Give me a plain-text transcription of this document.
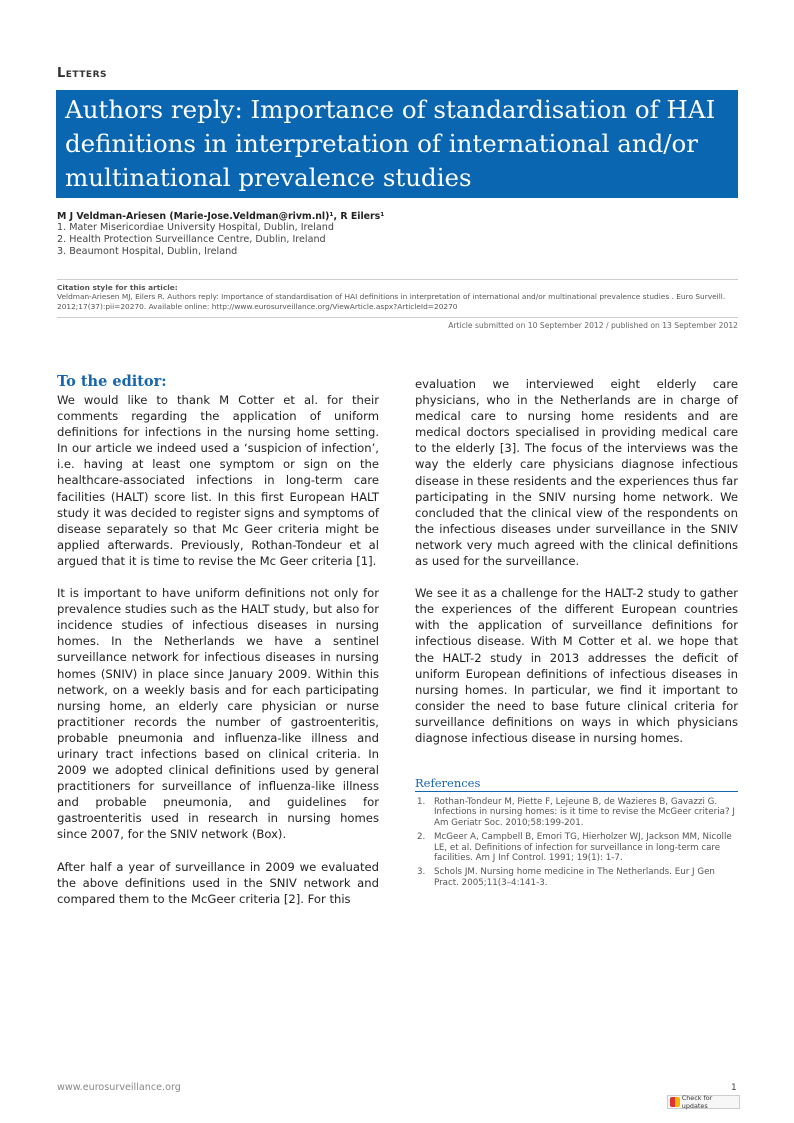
Letters
Authors reply: Importance of standardisation of HAI definitions in interpretation of international and/or multinational prevalence studies
M J Veldman-Ariesen (Marie-Jose.Veldman@rivm.nl)¹, R Eilers¹
1. Mater Misericordiae University Hospital, Dublin, Ireland
2. Health Protection Surveillance Centre, Dublin, Ireland
3. Beaumont Hospital, Dublin, Ireland
Citation style for this article:
Veldman-Ariesen MJ, Eilers R. Authors reply: Importance of standardisation of HAI definitions in interpretation of international and/or multinational prevalence studies . Euro Surveill. 2012;17(37):pii=20270. Available online: http://www.eurosurveillance.org/ViewArticle.aspx?ArticleId=20270
Article submitted on 10 September 2012 / published on 13 September 2012
To the editor:

We would like to thank M Cotter et al. for their comments regarding the application of uniform definitions for infections in the nursing home setting. In our article we indeed used a ‘suspicion of infection’, i.e. having at least one symptom or sign on the healthcare-associated infections in long-term care facilities (HALT) score list. In this first European HALT study it was decided to register signs and symptoms of disease separately so that Mc Geer criteria might be applied afterwards. Previously, Rothan-Tondeur et al argued that it is time to revise the Mc Geer criteria [1].

It is important to have uniform definitions not only for prevalence studies such as the HALT study, but also for incidence studies of infectious diseases in nursing homes. In the Netherlands we have a sentinel surveillance network for infectious diseases in nursing homes (SNIV) in place since January 2009. Within this network, on a weekly basis and for each participating nursing home, an elderly care physician or nurse practitioner records the number of gastroenteritis, probable pneumonia and influenza-like illness and urinary tract infections based on clinical criteria. In 2009 we adopted clinical definitions used by general practitioners for surveillance of influenza-like illness and probable pneumonia, and guidelines for gastroenteritis used in research in nursing homes since 2007, for the SNIV network (Box).

After half a year of surveillance in 2009 we evaluated the above definitions used in the SNIV network and compared them to the McGeer criteria [2]. For this

evaluation we interviewed eight elderly care physicians, who in the Netherlands are in charge of medical care to nursing home residents and are medical doctors specialised in providing medical care to the elderly [3]. The focus of the interviews was the way the elderly care physicians diagnose infectious disease in these residents and the experiences thus far participating in the SNIV nursing home network. We concluded that the clinical view of the respondents on the infectious diseases under surveillance in the SNIV network very much agreed with the clinical definitions as used for the surveillance.

We see it as a challenge for the HALT-2 study to gather the experiences of the different European countries with the application of surveillance definitions for infectious disease. With M Cotter et al. we hope that the HALT-2 study in 2013 addresses the deficit of uniform European definitions of infectious diseases in nursing homes. In particular, we find it important to consider the need to base future clinical criteria for surveillance definitions on ways in which physicians diagnose infectious disease in nursing homes.

References
1. Rothan-Tondeur M, Piette F, Lejeune B, de Wazieres B, Gavazzi G. Infections in nursing homes: is it time to revise the McGeer criteria? J Am Geriatr Soc. 2010;58:199-201.
2. McGeer A, Campbell B, Emori TG, Hierholzer WJ, Jackson MM, Nicolle LE, et al. Definitions of infection for surveillance in long-term care facilities. Am J Inf Control. 1991; 19(1): 1-7.
3. Schols JM. Nursing home medicine in The Netherlands. Eur J Gen Pract. 2005;11(3–4:141-3.
www.eurosurveillance.org	1
Check for updates
